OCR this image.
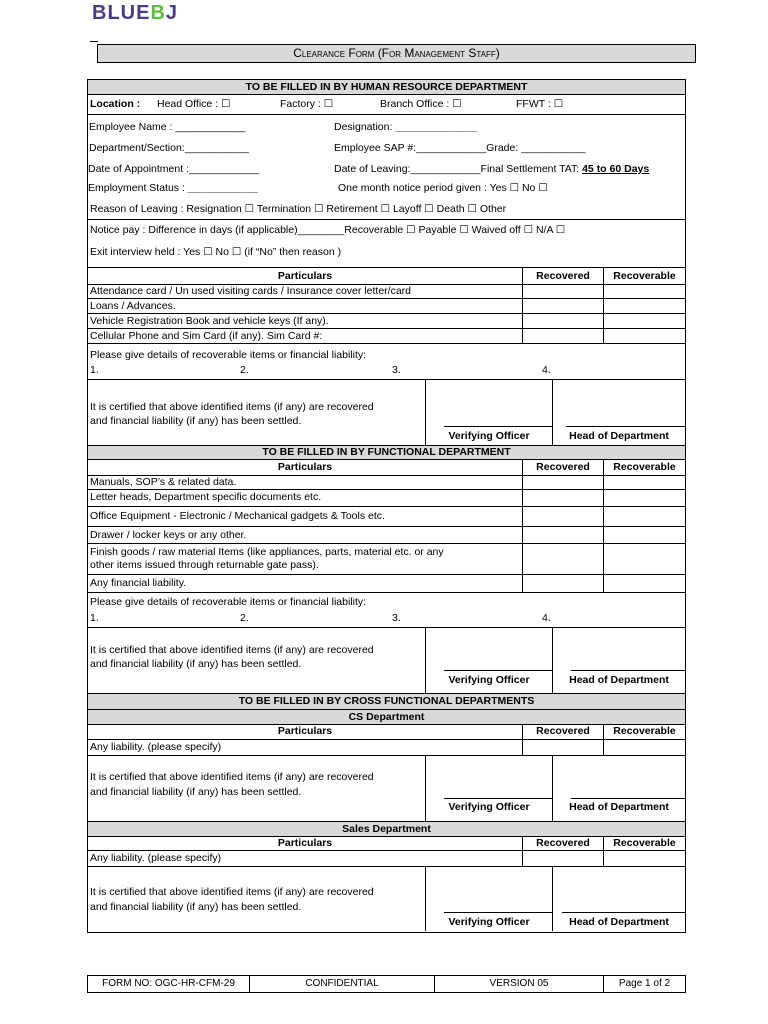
BLUEBJ
Clearance Form (For Management Staff)
TO BE FILLED IN BY HUMAN RESOURCE DEPARTMENT
Location : Head Office : ☐	Factory : ☐	Branch Office : ☐	FFWT : ☐
Employee Name : ____________	Designation: ______________
Department/Section:___________	Employee SAP #:____________Grade: ___________
Date of Appointment :____________	Date of Leaving:____________Final Settlement TAT: 45 to 60 Days
Employment Status : ____________	One month notice period given : Yes ☐ No ☐
Reason of Leaving : Resignation ☐ Termination ☐ Retirement ☐ Layoff ☐ Death ☐ Other
Notice pay : Difference in days (if applicable)________Recoverable ☐ Payable ☐ Waived off ☐ N/A ☐
Exit interview held : Yes ☐ No ☐ (if “No” then reason )
Particulars	Recovered	Recoverable
Attendance card / Un used visiting cards / Insurance cover letter/card
Loans / Advances.
Vehicle Registration Book and vehicle keys (If any).
Cellular Phone and Sim Card (if any). Sim Card #:
Please give details of recoverable items or financial liability:
1.	2.	3.	4.
It is certified that above identified items (if any) are recovered
and financial liability (if any) has been settled.
Verifying Officer	Head of Department
TO BE FILLED IN BY FUNCTIONAL DEPARTMENT
Particulars	Recovered	Recoverable
Manuals, SOP’s & related data.
Letter heads, Department specific documents etc.
Office Equipment - Electronic / Mechanical gadgets & Tools etc.
Drawer / locker keys or any other.
Finish goods / raw material Items (like appliances, parts, material etc. or any
other items issued through returnable gate pass).
Any financial liability.
Please give details of recoverable items or financial liability:
1.	2.	3.	4.
It is certified that above identified items (if any) are recovered
and financial liability (if any) has been settled.
Verifying Officer	Head of Department
TO BE FILLED IN BY CROSS FUNCTIONAL DEPARTMENTS
CS Department
Particulars	Recovered	Recoverable
Any liability. (please specify)
It is certified that above identified items (if any) are recovered
and financial liability (if any) has been settled.
Verifying Officer	Head of Department
Sales Department
Particulars	Recovered	Recoverable
Any liability. (please specify)
It is certified that above identified items (if any) are recovered
and financial liability (if any) has been settled.
Verifying Officer	Head of Department
FORM NO: OGC-HR-CFM-29	CONFIDENTIAL	VERSION 05	Page 1 of 2
